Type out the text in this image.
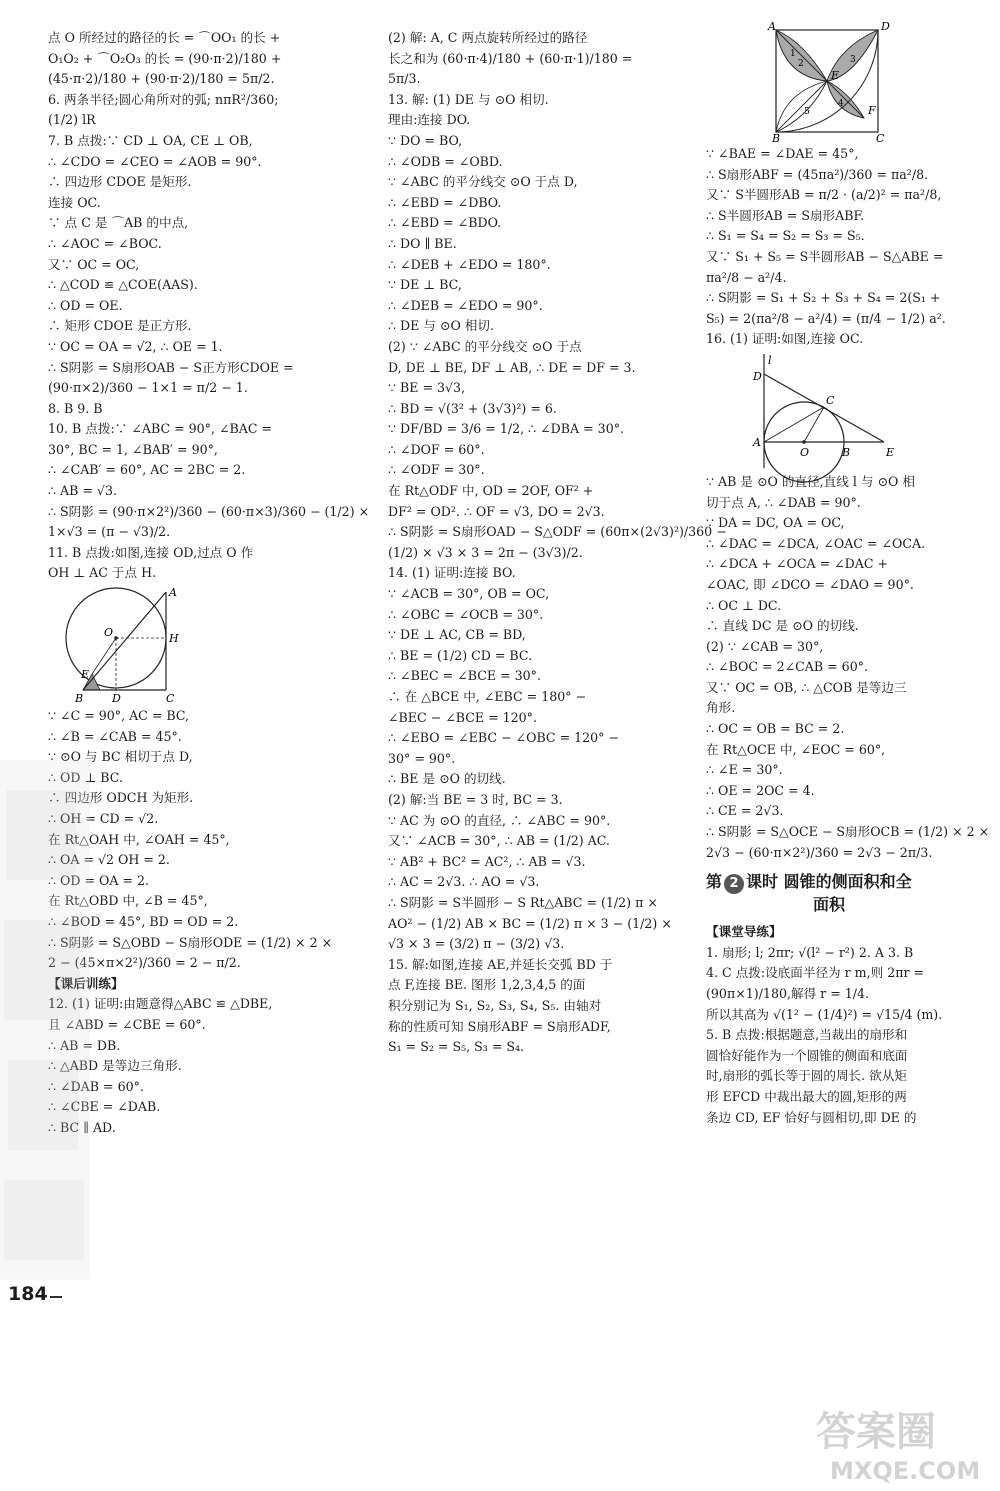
点 O 所经过的路径的长 = ⌒OO₁ 的长 +
O₁O₂ + ⌒O₂O₃ 的长 = (90·π·2)/180 +
(45·π·2)/180 + (90·π·2)/180 = 5π/2.
6. 两条半径;圆心角所对的弧; nπR²/360;
(1/2) lR
7. B 点拨:∵ CD ⊥ OA, CE ⊥ OB,
∴ ∠CDO = ∠CEO = ∠AOB = 90°.
∴ 四边形 CDOE 是矩形.
连接 OC.
∵ 点 C 是 ⌒AB 的中点,
∴ ∠AOC = ∠BOC.
又∵ OC = OC,
∴ △COD ≌ △COE(AAS).
∴ OD = OE.
∴ 矩形 CDOE 是正方形.
∵ OC = OA = √2, ∴ OE = 1.
∴ S阴影 = S扇形OAB − S正方形CDOE =
(90·π×2)/360 − 1×1 = π/2 − 1.
8. B 9. B
10. B 点拨:∵ ∠ABC = 90°, ∠BAC =
30°, BC = 1, ∠BAB′ = 90°,
∴ ∠CAB′ = 60°, AC = 2BC = 2.
∴ AB = √3.
∴ S阴影 = (90·π×2²)/360 − (60·π×3)/360 − (1/2) ×
1×√3 = (π − √3)/2.
11. B 点拨:如图,连接 OD,过点 O 作
OH ⊥ AC 于点 H.
A
O	H
E
B	D	C
∵ ∠C = 90°, AC = BC,
∴ ∠B = ∠CAB = 45°.
∵ ⊙O 与 BC 相切于点 D,
∴ OD ⊥ BC.
∴ 四边形 ODCH 为矩形.
∴ OH = CD = √2.
在 Rt△OAH 中, ∠OAH = 45°,
∴ OA = √2 OH = 2.
∴ OD = OA = 2.
在 Rt△OBD 中, ∠B = 45°,
∴ ∠BOD = 45°, BD = OD = 2.
∴ S阴影 = S△OBD − S扇形ODE = (1/2) × 2 ×
2 − (45×π×2²)/360 = 2 − π/2.
【课后训练】
12. (1) 证明:由题意得△ABC ≌ △DBE,
且 ∠ABD = ∠CBE = 60°.
∴ AB = DB.
∴ △ABD 是等边三角形.
∴ ∠DAB = 60°.
∴ ∠CBE = ∠DAB.
∴ BC ∥ AD.
(2) 解: A, C 两点旋转所经过的路径
长之和为 (60·π·4)/180 + (60·π·1)/180 =
5π/3.
13. 解: (1) DE 与 ⊙O 相切.
理由:连接 DO.
∵ DO = BO,
∴ ∠ODB = ∠OBD.
∵ ∠ABC 的平分线交 ⊙O 于点 D,
∴ ∠EBD = ∠DBO.
∴ ∠EBD = ∠BDO.
∴ DO ∥ BE.
∴ ∠DEB + ∠EDO = 180°.
∵ DE ⊥ BC,
∴ ∠DEB = ∠EDO = 90°.
∴ DE 与 ⊙O 相切.
(2) ∵ ∠ABC 的平分线交 ⊙O 于点
D, DE ⊥ BE, DF ⊥ AB, ∴ DE = DF = 3.
∵ BE = 3√3,
∴ BD = √(3² + (3√3)²) = 6.
∵ DF/BD = 3/6 = 1/2, ∴ ∠DBA = 30°.
∴ ∠DOF = 60°.
∴ ∠ODF = 30°.
在 Rt△ODF 中, OD = 2OF, OF² +
DF² = OD². ∴ OF = √3, DO = 2√3.
∴ S阴影 = S扇形OAD − S△ODF = (60π×(2√3)²)/360 −
(1/2) × √3 × 3 = 2π − (3√3)/2.
14. (1) 证明:连接 BO.
∵ ∠ACB = 30°, OB = OC,
∴ ∠OBC = ∠OCB = 30°.
∵ DE ⊥ AC, CB = BD,
∴ BE = (1/2) CD = BC.
∴ ∠BEC = ∠BCE = 30°.
∴ 在 △BCE 中, ∠EBC = 180° −
∠BEC − ∠BCE = 120°.
∴ ∠EBO = ∠EBC − ∠OBC = 120° −
30° = 90°.
∴ BE 是 ⊙O 的切线.
(2) 解:当 BE = 3 时, BC = 3.
∵ AC 为 ⊙O 的直径, ∴ ∠ABC = 90°.
又∵ ∠ACB = 30°, ∴ AB = (1/2) AC.
∵ AB² + BC² = AC², ∴ AB = √3.
∴ AC = 2√3. ∴ AO = √3.
∴ S阴影 = S半圆形 − S Rt△ABC = (1/2) π ×
AO² − (1/2) AB × BC = (1/2) π × 3 − (1/2) ×
√3 × 3 = (3/2) π − (3/2) √3.
15. 解:如图,连接 AE,并延长交弧 BD 于
点 F,连接 BE. 图形 1,2,3,4,5 的面
积分别记为 S₁, S₂, S₃, S₄, S₅. 由轴对
称的性质可知 S扇形ABF = S扇形ADF,
S₁ = S₂ = S₅, S₃ = S₄.
A	D
E
F
B	C
1
2	3
4
5
∵ ∠BAE = ∠DAE = 45°,
∴ S扇形ABF = (45πa²)/360 = πa²/8.
又∵ S半圆形AB = π/2 · (a/2)² = πa²/8,
∴ S半圆形AB = S扇形ABF.
∴ S₁ = S₄ = S₂ = S₃ = S₅.
又∵ S₁ + S₅ = S半圆形AB − S△ABE =
πa²/8 − a²/4.
∴ S阴影 = S₁ + S₂ + S₃ + S₄ = 2(S₁ +
S₅) = 2(πa²/8 − a²/4) = (π/4 − 1/2) a².
16. (1) 证明:如图,连接 OC.
l
D
C
A
O	B	E
∵ AB 是 ⊙O 的直径,直线 l 与 ⊙O 相
切于点 A, ∴ ∠DAB = 90°.
∵ DA = DC, OA = OC,
∴ ∠DAC = ∠DCA, ∠OAC = ∠OCA.
∴ ∠DCA + ∠OCA = ∠DAC +
∠OAC, 即 ∠DCO = ∠DAO = 90°.
∴ OC ⊥ DC.
∴ 直线 DC 是 ⊙O 的切线.
(2) ∵ ∠CAB = 30°,
∴ ∠BOC = 2∠CAB = 60°.
又∵ OC = OB, ∴ △COB 是等边三
角形.
∴ OC = OB = BC = 2.
在 Rt△OCE 中, ∠EOC = 60°,
∴ ∠E = 30°.
∴ OE = 2OC = 4.
∴ CE = 2√3.
∴ S阴影 = S△OCE − S扇形OCB = (1/2) × 2 ×
2√3 − (60·π×2²)/360 = 2√3 − 2π/3.
第 2 课时 圆锥的侧面积和全
面积
【课堂导练】
1. 扇形; l; 2πr; √(l² − r²) 2. A 3. B
4. C 点拨:设底面半径为 r m,则 2πr =
(90π×1)/180,解得 r = 1/4.
所以其高为 √(1² − (1/4)²) = √15/4 (m).
5. B 点拨:根据题意,当裁出的扇形和
圆恰好能作为一个圆锥的侧面和底面
时,扇形的弧长等于圆的周长. 欲从矩
形 EFCD 中裁出最大的圆,矩形的两
条边 CD, EF 恰好与圆相切,即 DE 的
184
答案圈
MXQE.COM
